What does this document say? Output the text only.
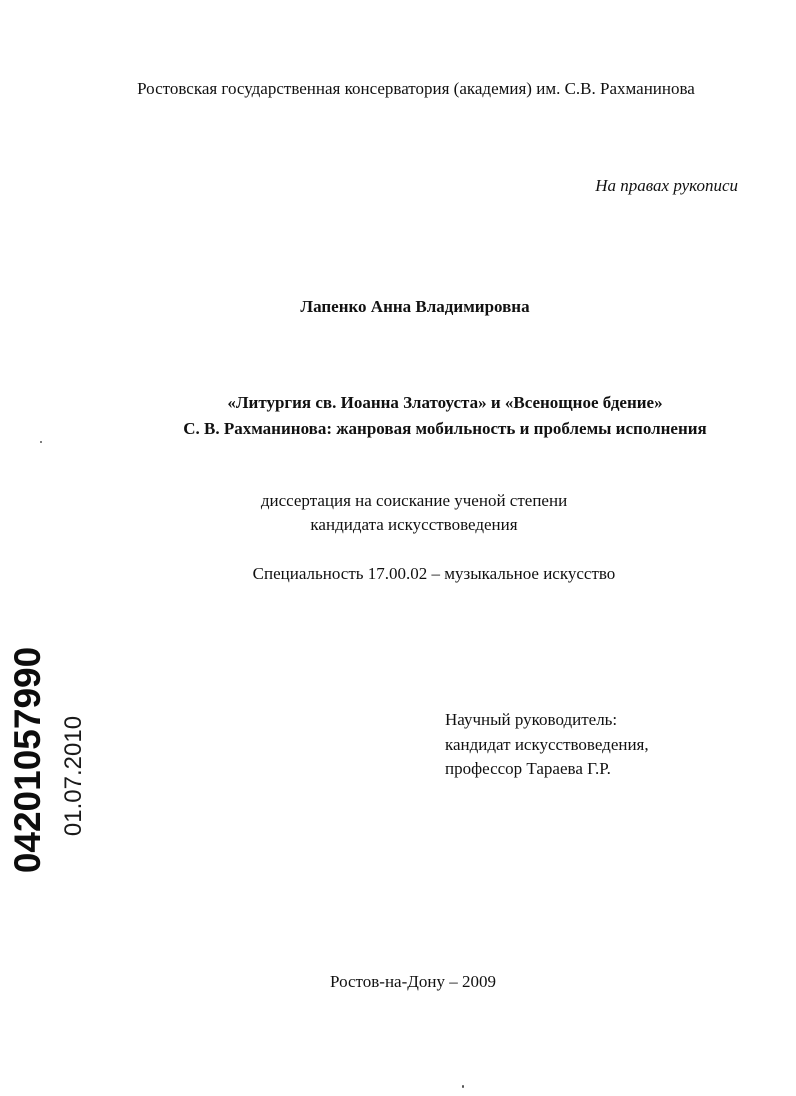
Ростовская государственная консерватория (академия) им. С.В. Рахманинова
На правах рукописи
Лапенко Анна Владимировна
«Литургия св. Иоанна Златоуста» и «Всенощное бдение»
С. В. Рахманинова: жанровая мобильность и проблемы исполнения
диссертация на соискание ученой степени
кандидата искусствоведения
Специальность 17.00.02 – музыкальное искусство
Научный руководитель:
кандидат искусствоведения,
профессор Тараева Г.Р.
Ростов-на-Дону – 2009
04201057990 01.07.2010
